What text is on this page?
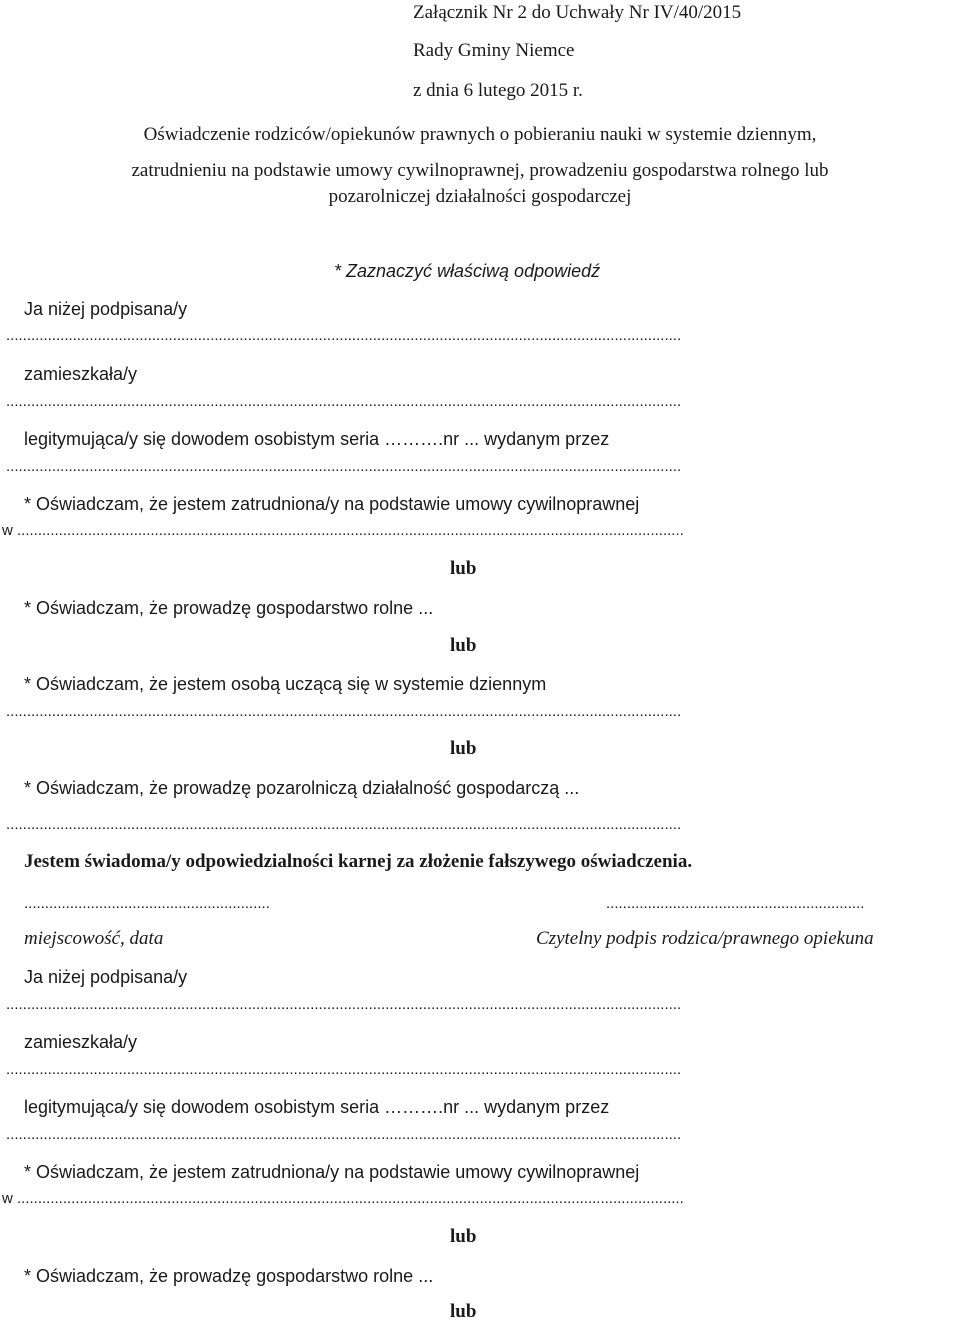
Załącznik Nr 2 do Uchwały Nr IV/40/2015
Rady Gminy Niemce
z dnia 6 lutego 2015 r.
Oświadczenie rodziców/opiekunów prawnych o pobieraniu nauki w systemie dziennym,
zatrudnieniu na podstawie umowy cywilnoprawnej, prowadzeniu gospodarstwa rolnego lub
pozarolniczej działalności gospodarczej
* Zaznaczyć właściwą odpowiedź
Ja niżej podpisana/y
..................................................................................................................................................................
zamieszkała/y
..................................................................................................................................................................
legitymująca/y się dowodem osobistym seria ……….nr ... wydanym przez
..................................................................................................................................................................
* Oświadczam, że jestem zatrudniona/y na podstawie umowy cywilnoprawnej
w ................................................................................................................................................................
lub
* Oświadczam, że prowadzę gospodarstwo rolne ...
lub
* Oświadczam, że jestem osobą uczącą się w systemie dziennym
..................................................................................................................................................................
lub
* Oświadczam, że prowadzę pozarolniczą działalność gospodarczą ...
..................................................................................................................................................................
Jestem świadoma/y odpowiedzialności karnej za złożenie fałszywego oświadczenia.
...........................................................	..............................................................
miejscowość, data	Czytelny podpis rodzica/prawnego opiekuna
Ja niżej podpisana/y
..................................................................................................................................................................
zamieszkała/y
..................................................................................................................................................................
legitymująca/y się dowodem osobistym seria ……….nr ... wydanym przez
..................................................................................................................................................................
* Oświadczam, że jestem zatrudniona/y na podstawie umowy cywilnoprawnej
w ................................................................................................................................................................
lub
* Oświadczam, że prowadzę gospodarstwo rolne ...
lub
